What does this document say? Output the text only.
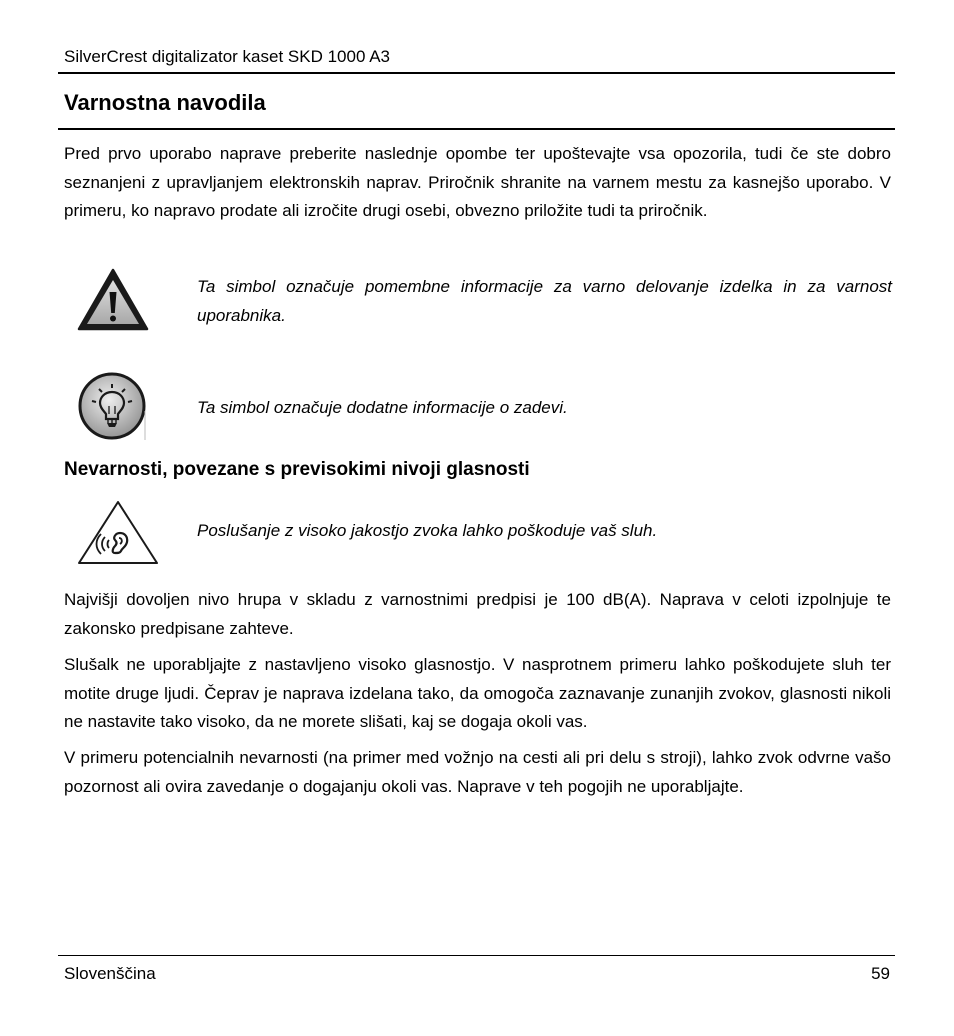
SilverCrest digitalizator kaset SKD 1000 A3
Varnostna navodila

Pred prvo uporabo naprave preberite naslednje opombe ter upoštevajte vsa opozorila, tudi če ste dobro seznanjeni z upravljanjem elektronskih naprav. Priročnik shranite na varnem mestu za kasnejšo uporabo. V primeru, ko napravo prodate ali izročite drugi osebi, obvezno priložite tudi ta priročnik.

Ta simbol označuje pomembne informacije za varno delovanje izdelka in za varnost uporabnika.

Ta simbol označuje dodatne informacije o zadevi.

Nevarnosti, povezane s previsokimi nivoji glasnosti

Poslušanje z visoko jakostjo zvoka lahko poškoduje vaš sluh.

Najvišji dovoljen nivo hrupa v skladu z varnostnimi predpisi je 100 dB(A). Naprava v celoti izpolnjuje te zakonsko predpisane zahteve.

Slušalk ne uporabljajte z nastavljeno visoko glasnostjo. V nasprotnem primeru lahko poškodujete sluh ter motite druge ljudi. Čeprav je naprava izdelana tako, da omogoča zaznavanje zunanjih zvokov, glasnosti nikoli ne nastavite tako visoko, da ne morete slišati, kaj se dogaja okoli vas.

V primeru potencialnih nevarnosti (na primer med vožnjo na cesti ali pri delu s stroji), lahko zvok odvrne vašo pozornost ali ovira zavedanje o dogajanju okoli vas. Naprave v teh pogojih ne uporabljajte.

Slovenščina	59
